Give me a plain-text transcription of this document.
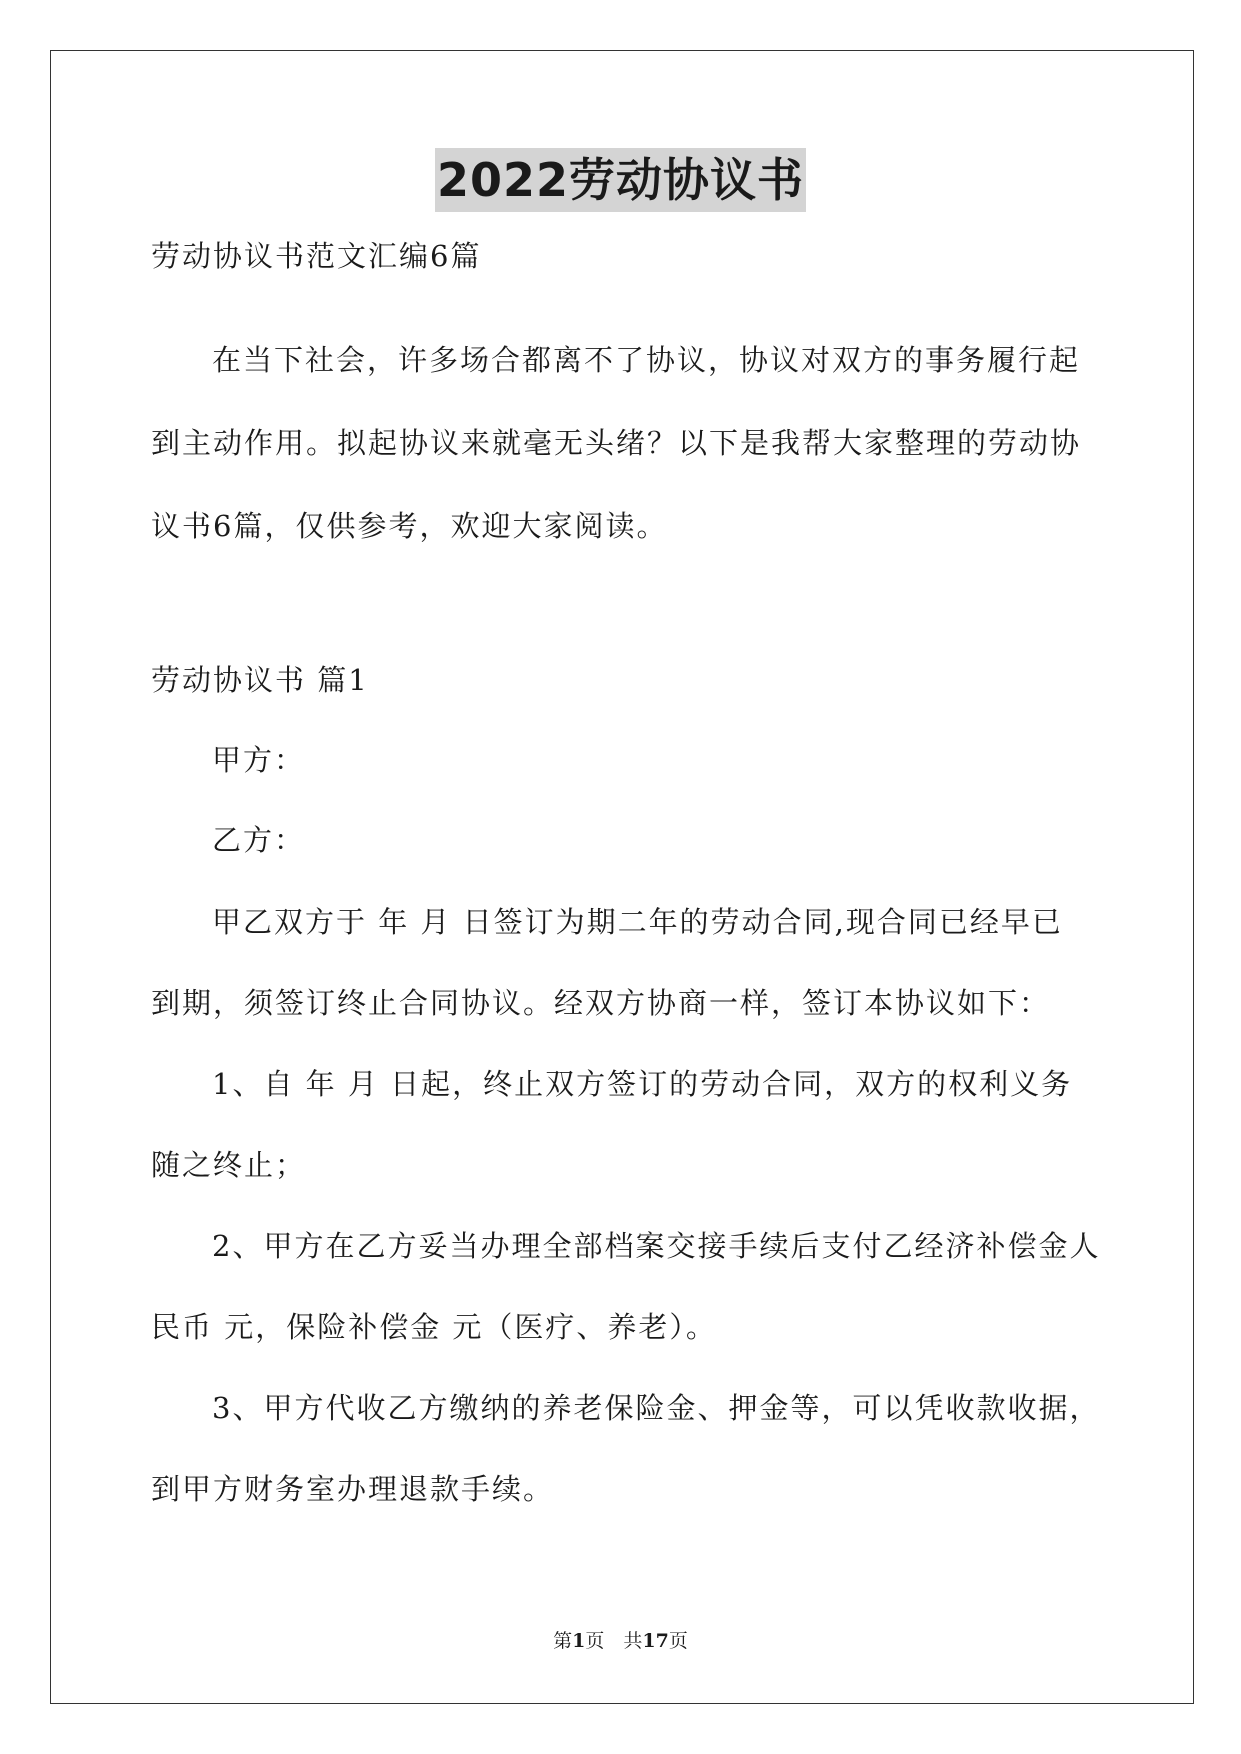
2022劳动协议书
劳动协议书范文汇编6篇
在当下社会，许多场合都离不了协议，协议对双方的事务履行起
到主动作用。拟起协议来就毫无头绪？以下是我帮大家整理的劳动协
议书6篇，仅供参考，欢迎大家阅读。
劳动协议书 篇1
甲方：
乙方：
甲乙双方于 年 月 日签订为期二年的劳动合同,现合同已经早已
到期，须签订终止合同协议。经双方协商一样，签订本协议如下：
1、自 年 月 日起，终止双方签订的劳动合同，双方的权利义务
随之终止；
2、甲方在乙方妥当办理全部档案交接手续后支付乙经济补偿金人
民币 元，保险补偿金 元（医疗、养老）。
3、甲方代收乙方缴纳的养老保险金、押金等，可以凭收款收据，
到甲方财务室办理退款手续。
第1页　共17页
